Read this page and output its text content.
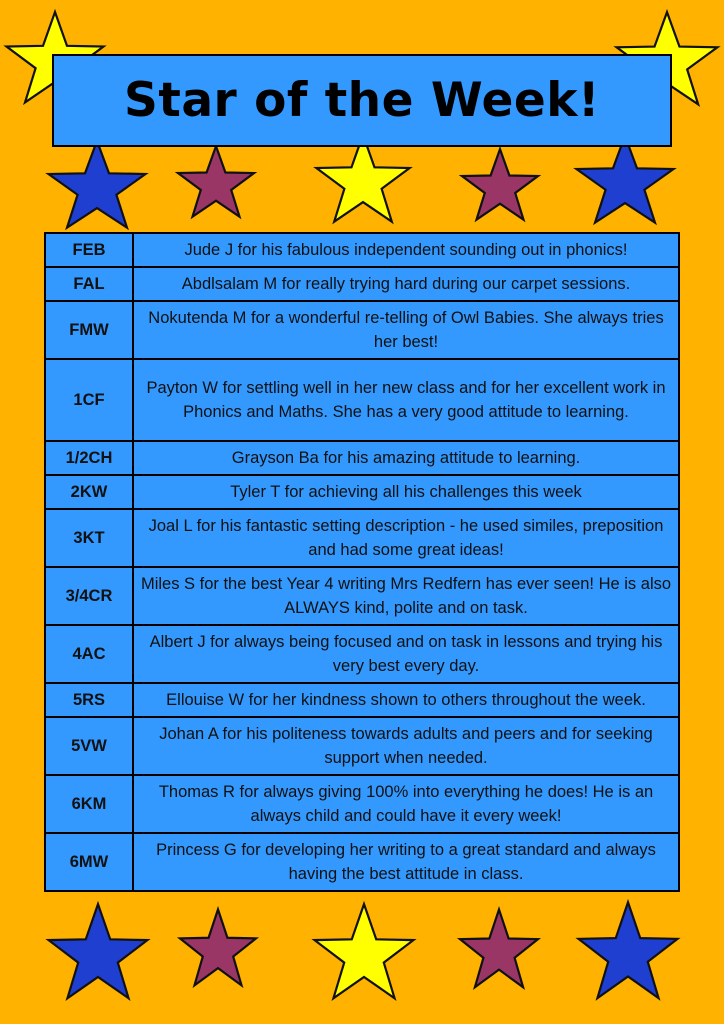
Star of the Week!
FEB	Jude J for his fabulous independent sounding out in phonics!
FAL	Abdlsalam M for really trying hard during our carpet sessions.
FMW	Nokutenda M for a wonderful re-telling of Owl Babies. She always tries her best!
1CF	Payton W for settling well in her new class and for her excellent work in Phonics and Maths. She has a very good attitude to learning.
1/2CH	Grayson Ba for his amazing attitude to learning.
2KW	Tyler T for achieving all his challenges this week
3KT	Joal L for his fantastic setting description - he used similes, preposition and had some great ideas!
3/4CR	Miles S for the best Year 4 writing Mrs Redfern has ever seen! He is also ALWAYS kind, polite and on task.
4AC	Albert J for always being focused and on task in lessons and trying his very best every day.
5RS	Ellouise W for her kindness shown to others throughout the week.
5VW	Johan A for his politeness towards adults and peers and for seeking support when needed.
6KM	Thomas R for always giving 100% into everything he does! He is an always child and could have it every week!
6MW	Princess G for developing her writing to a great standard and always having the best attitude in class.
